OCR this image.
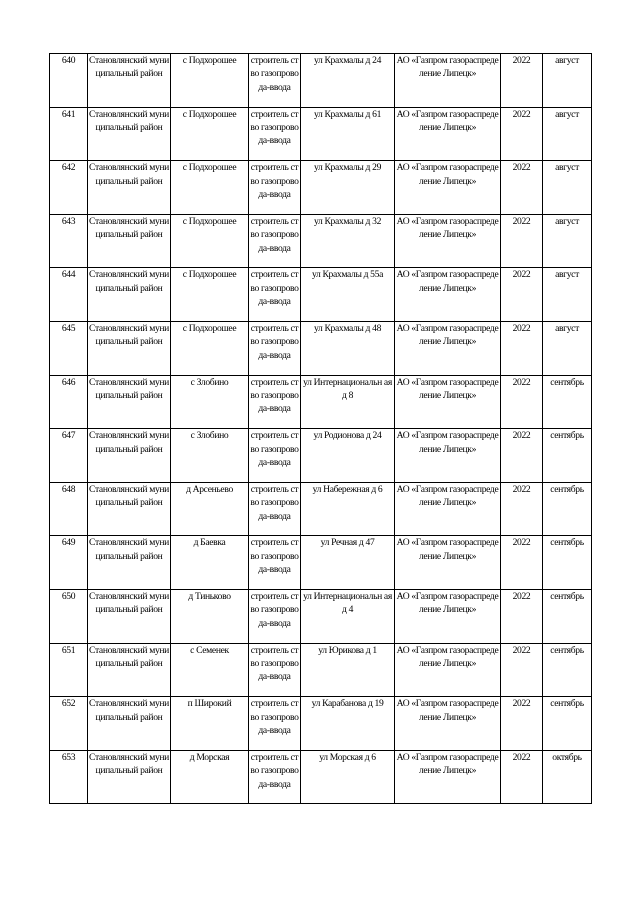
640	Становлянский муниципальный район	с Подхорошее	строитель ство газопрово да-ввода	ул Крахмалы д 24	АО «Газпром газораспределение Липецк»	2022	август
641	Становлянский муниципальный район	с Подхорошее	строитель ство газопрово да-ввода	ул Крахмалы д 61	АО «Газпром газораспределение Липецк»	2022	август
642	Становлянский муниципальный район	с Подхорошее	строитель ство газопрово да-ввода	ул Крахмалы д 29	АО «Газпром газораспределение Липецк»	2022	август
643	Становлянский муниципальный район	с Подхорошее	строитель ство газопрово да-ввода	ул Крахмалы д 32	АО «Газпром газораспределение Липецк»	2022	август
644	Становлянский муниципальный район	с Подхорошее	строитель ство газопрово да-ввода	ул Крахмалы д 55а	АО «Газпром газораспределение Липецк»	2022	август
645	Становлянский муниципальный район	с Подхорошее	строитель ство газопрово да-ввода	ул Крахмалы д 48	АО «Газпром газораспределение Липецк»	2022	август
646	Становлянский муниципальный район	с Злобино	строитель ство газопрово да-ввода	ул Интернациональн ая д 8	АО «Газпром газораспределение Липецк»	2022	сентябрь
647	Становлянский муниципальный район	с Злобино	строитель ство газопрово да-ввода	ул Родионова д 24	АО «Газпром газораспределение Липецк»	2022	сентябрь
648	Становлянский муниципальный район	д Арсеньево	строитель ство газопрово да-ввода	ул Набережная д 6	АО «Газпром газораспределение Липецк»	2022	сентябрь
649	Становлянский муниципальный район	д Баевка	строитель ство газопрово да-ввода	ул Речная д 47	АО «Газпром газораспределение Липецк»	2022	сентябрь
650	Становлянский муниципальный район	д Тиньково	строитель ство газопрово да-ввода	ул Интернациональн ая д 4	АО «Газпром газораспределение Липецк»	2022	сентябрь
651	Становлянский муниципальный район	с Семенек	строитель ство газопрово да-ввода	ул Юрикова д 1	АО «Газпром газораспределение Липецк»	2022	сентябрь
652	Становлянский муниципальный район	п Широкий	строитель ство газопрово да-ввода	ул Карабанова д 19	АО «Газпром газораспределение Липецк»	2022	сентябрь
653	Становлянский муниципальный район	д Морская	строитель ство газопрово да-ввода	ул Морская д 6	АО «Газпром газораспределение Липецк»	2022	октябрь
